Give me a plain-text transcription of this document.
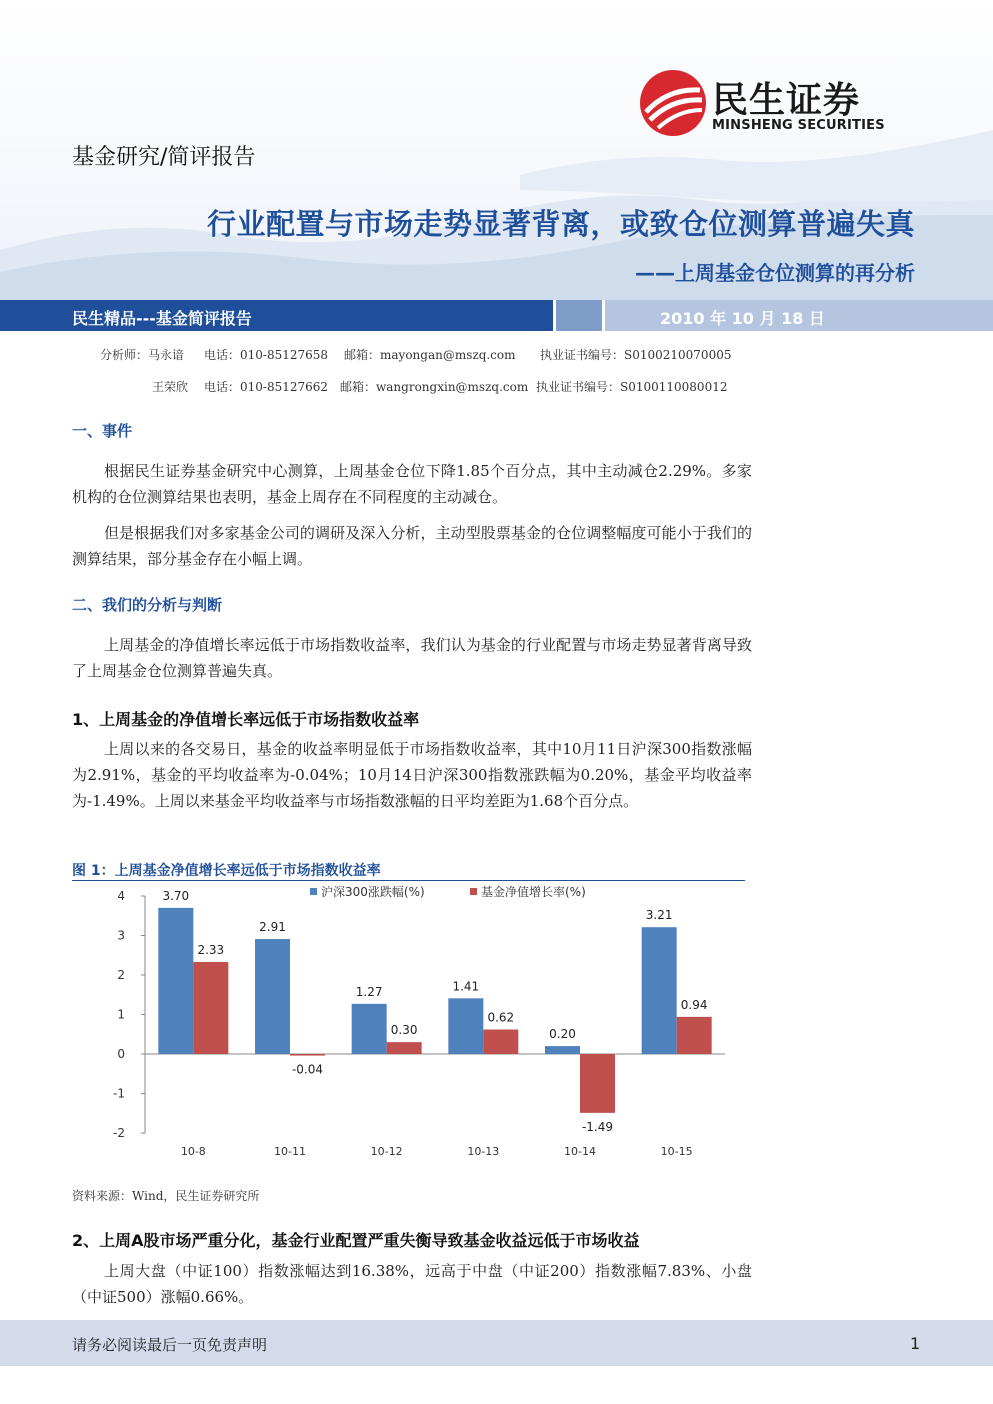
民生证券
MINSHENG SECURITIES
基金研究/简评报告
行业配置与市场走势显著背离，或致仓位测算普遍失真
——上周基金仓位测算的再分析
民生精品---基金简评报告	2010 年 10 月 18 日
分析师：马永谙 电话：010-85127658 邮箱：mayongan@mszq.com 执业证书编号：S0100210070005
王荣欣 电话：010-85127662 邮箱：wangrongxin@mszq.com 执业证书编号：S0100110080012
一、事件
根据民生证券基金研究中心测算，上周基金仓位下降1.85个百分点，其中主动减仓2.29%。多家机构的仓位测算结果也表明，基金上周存在不同程度的主动减仓。
但是根据我们对多家基金公司的调研及深入分析，主动型股票基金的仓位调整幅度可能小于我们的测算结果，部分基金存在小幅上调。
二、我们的分析与判断
上周基金的净值增长率远低于市场指数收益率，我们认为基金的行业配置与市场走势显著背离导致了上周基金仓位测算普遍失真。
1、上周基金的净值增长率远低于市场指数收益率
上周以来的各交易日，基金的收益率明显低于市场指数收益率，其中10月11日沪深300指数涨幅为2.91%，基金的平均收益率为-0.04%；10月14日沪深300指数涨跌幅为0.20%，基金平均收益率为-1.49%。上周以来基金平均收益率与市场指数涨幅的日平均差距为1.68个百分点。
图 1：上周基金净值增长率远低于市场指数收益率
4
3
2
1
0
-1
-2
3.70
2.33
2.91
-0.04
1.27
0.30
1.41
0.62
0.20
-1.49
3.21
0.94
10-8	10-11	10-12	10-13	10-14	10-15
沪深300涨跌幅(%)	基金净值增长率(%)
资料来源：Wind，民生证券研究所
2、上周A股市场严重分化，基金行业配置严重失衡导致基金收益远低于市场收益
上周大盘（中证100）指数涨幅达到16.38%，远高于中盘（中证200）指数涨幅7.83%、小盘（中证500）涨幅0.66%。
请务必阅读最后一页免责声明	1
